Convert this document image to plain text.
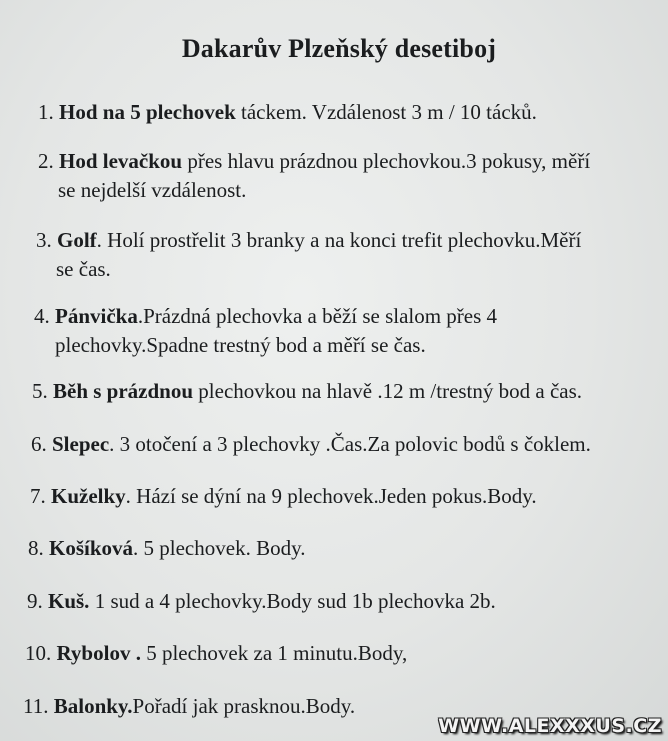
Dakarův Plzeňský desetiboj
1. Hod na 5 plechovek táckem. Vzdálenost 3 m / 10 tácků.
2. Hod levačkou přes hlavu prázdnou plechovkou.3 pokusy, měří
se nejdelší vzdálenost.
3. Golf. Holí prostřelit 3 branky a na konci trefit plechovku.Měří
se čas.
4. Pánvička.Prázdná plechovka a běží se slalom přes 4
plechovky.Spadne trestný bod a měří se čas.
5. Běh s prázdnou plechovkou na hlavě .12 m /trestný bod a čas.
6. Slepec. 3 otočení a 3 plechovky .Čas.Za polovic bodů s čoklem.
7. Kuželky. Hází se dýní na 9 plechovek.Jeden pokus.Body.
8. Košíková. 5 plechovek. Body.
9. Kuš. 1 sud a 4 plechovky.Body sud 1b plechovka 2b.
10. Rybolov . 5 plechovek za 1 minutu.Body,
11. Balonky.Pořadí jak prasknou.Body.
WWW.ALEXXXUS.CZ
